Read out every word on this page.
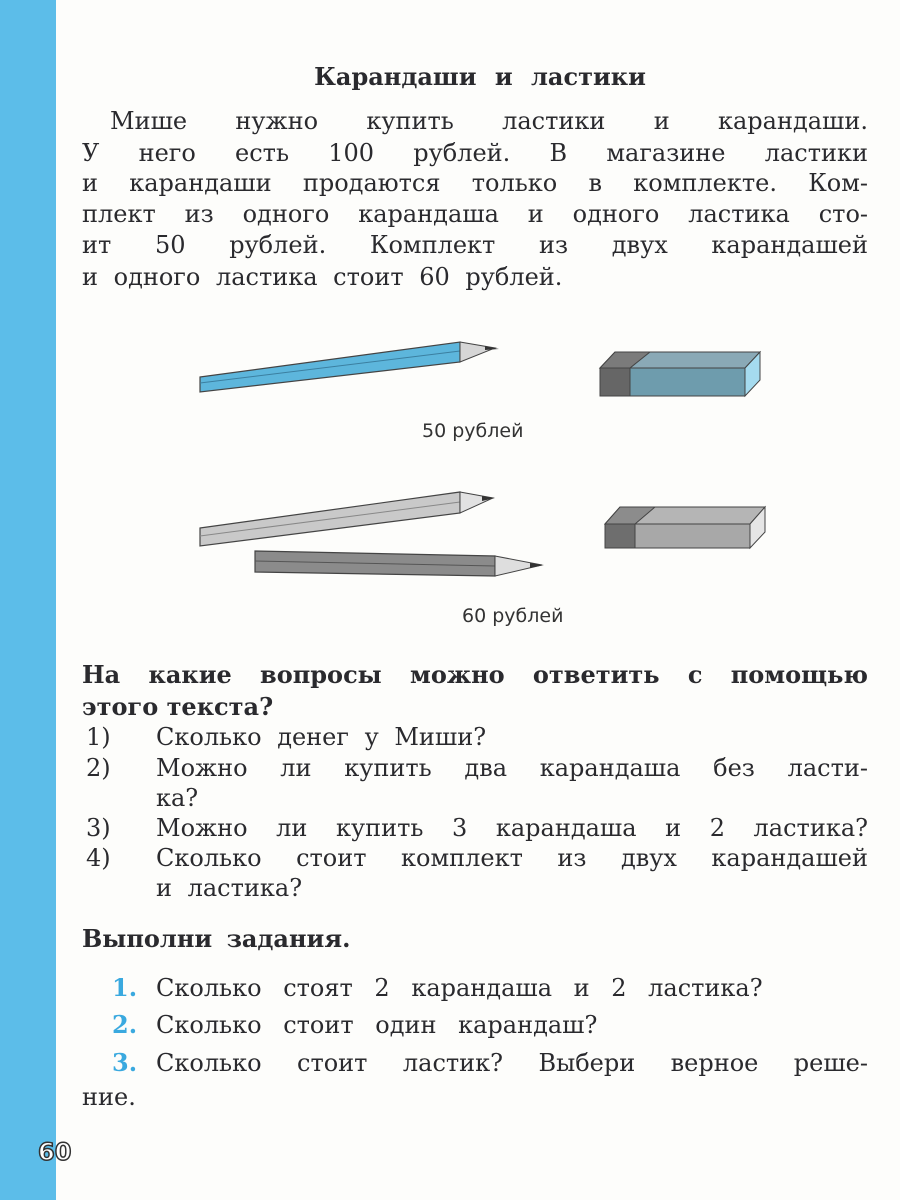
Карандаши и ластики
Мише нужно купить ластики и карандаши.
У него есть 100 рублей. В магазине ластики
и карандаши продаются только в комплекте. Ком-
плект из одного карандаша и одного ластика сто-
ит 50 рублей. Комплект из двух карандашей
и одного ластика стоит 60 рублей.
50 рублей
60 рублей
На какие вопросы можно ответить с помощью
этого текста?
1) Сколько денег у Миши?
2) Можно ли купить два карандаша без ласти-
ка?
3) Можно ли купить 3 карандаша и 2 ластика?
4) Сколько стоит комплект из двух карандашей
и ластика?
Выполни задания.
1. Сколько стоят 2 карандаша и 2 ластика?
2. Сколько стоит один карандаш?
3. Сколько стоит ластик? Выбери верное реше-
ние.
60
